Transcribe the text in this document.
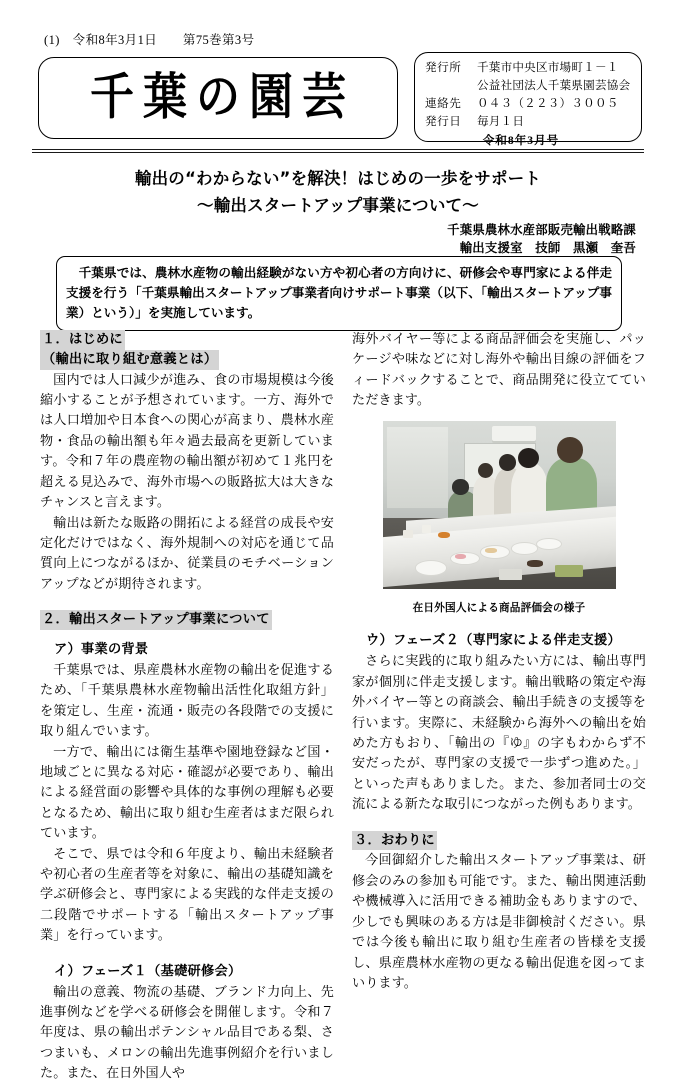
(1)　令和8年3月1日　　第75巻第3号
千葉の園芸
発行所	千葉市中央区市場町１－１
公益社団法人千葉県園芸協会
連絡先	０４３（２２３）３００５
発行日	毎月１日
令和8年3月号
輸出の“わからない”を解決！はじめの一歩をサポート
～輸出スタートアップ事業について～
千葉県農林水産部販売輸出戦略課
輸出支援室　技師　黒瀬　奎吾

千葉県では、農林水産物の輸出経験がない方や初心者の方向けに、研修会や専門家による伴走支援を行う「千葉県輸出スタートアップ事業者向けサポート事業（以下、「輸出スタートアップ事業）という）」を実施しています。

１．はじめに
（輸出に取り組む意義とは）

国内では人口減少が進み、食の市場規模は今後縮小することが予想されています。一方、海外では人口増加や日本食への関心が高まり、農林水産物・食品の輸出額も年々過去最高を更新しています。令和７年の農産物の輸出額が初めて１兆円を超える見込みで、海外市場への販路拡大は大きなチャンスと言えます。

輸出は新たな販路の開拓による経営の成長や安定化だけではなく、海外規制への対応を通じて品質向上につながるほか、従業員のモチベーションアップなどが期待されます。

２．輸出スタートアップ事業について
ア）事業の背景

千葉県では、県産農林水産物の輸出を促進するため、「千葉県農林水産物輸出活性化取組方針」を策定し、生産・流通・販売の各段階での支援に取り組んでいます。

一方で、輸出には衛生基準や園地登録など国・地域ごとに異なる対応・確認が必要であり、輸出による経営面の影響や具体的な事例の理解も必要となるため、輸出に取り組む生産者はまだ限られています。

そこで、県では令和６年度より、輸出未経験者や初心者の生産者等を対象に、輸出の基礎知識を学ぶ研修会と、専門家による実践的な伴走支援の二段階でサポートする「輸出スタートアップ事業」を行っています。

イ）フェーズ１（基礎研修会）

輸出の意義、物流の基礎、ブランド力向上、先進事例などを学べる研修会を開催します。令和７年度は、県の輸出ポテンシャル品目である梨、さつまいも、メロンの輸出先進事例紹介を行いました。また、在日外国人や

海外バイヤー等による商品評価会を実施し、パッケージや味などに対し海外や輸出目線の評価をフィードバックすることで、商品開発に役立てていただきます。

在日外国人による商品評価会の様子
ウ）フェーズ２（専門家による伴走支援）

さらに実践的に取り組みたい方には、輸出専門家が個別に伴走支援します。輸出戦略の策定や海外バイヤー等との商談会、輸出手続きの支援等を行います。実際に、未経験から海外への輸出を始めた方もおり、「輸出の『ゆ』の字もわからず不安だったが、専門家の支援で一歩ずつ進めた。」といった声もありました。また、参加者同士の交流による新たな取引につながった例もあります。

３．おわりに

今回御紹介した輸出スタートアップ事業は、研修会のみの参加も可能です。また、輸出関連活動や機械導入に活用できる補助金もありますので、少しでも興味のある方は是非御検討ください。県では今後も輸出に取り組む生産者の皆様を支援し、県産農林水産物の更なる輸出促進を図ってまいります。
